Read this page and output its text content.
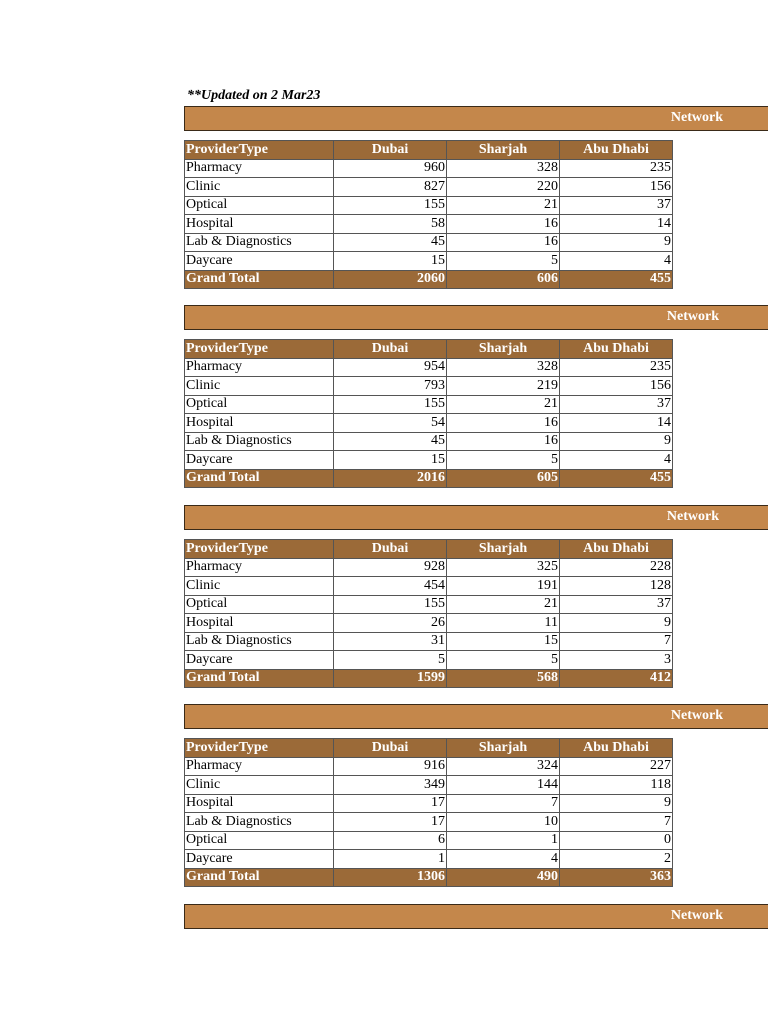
**Updated on 2 Mar23
Network
ProviderType	Dubai	Sharjah	Abu Dhabi
Pharmacy	960	328	235
Clinic	827	220	156
Optical	155	21	37
Hospital	58	16	14
Lab & Diagnostics	45	16	9
Daycare	15	5	4
Grand Total	2060	606	455
Network
ProviderType	Dubai	Sharjah	Abu Dhabi
Pharmacy	954	328	235
Clinic	793	219	156
Optical	155	21	37
Hospital	54	16	14
Lab & Diagnostics	45	16	9
Daycare	15	5	4
Grand Total	2016	605	455
Network
ProviderType	Dubai	Sharjah	Abu Dhabi
Pharmacy	928	325	228
Clinic	454	191	128
Optical	155	21	37
Hospital	26	11	9
Lab & Diagnostics	31	15	7
Daycare	5	5	3
Grand Total	1599	568	412
Network
ProviderType	Dubai	Sharjah	Abu Dhabi
Pharmacy	916	324	227
Clinic	349	144	118
Hospital	17	7	9
Lab & Diagnostics	17	10	7
Optical	6	1	0
Daycare	1	4	2
Grand Total	1306	490	363
Network
